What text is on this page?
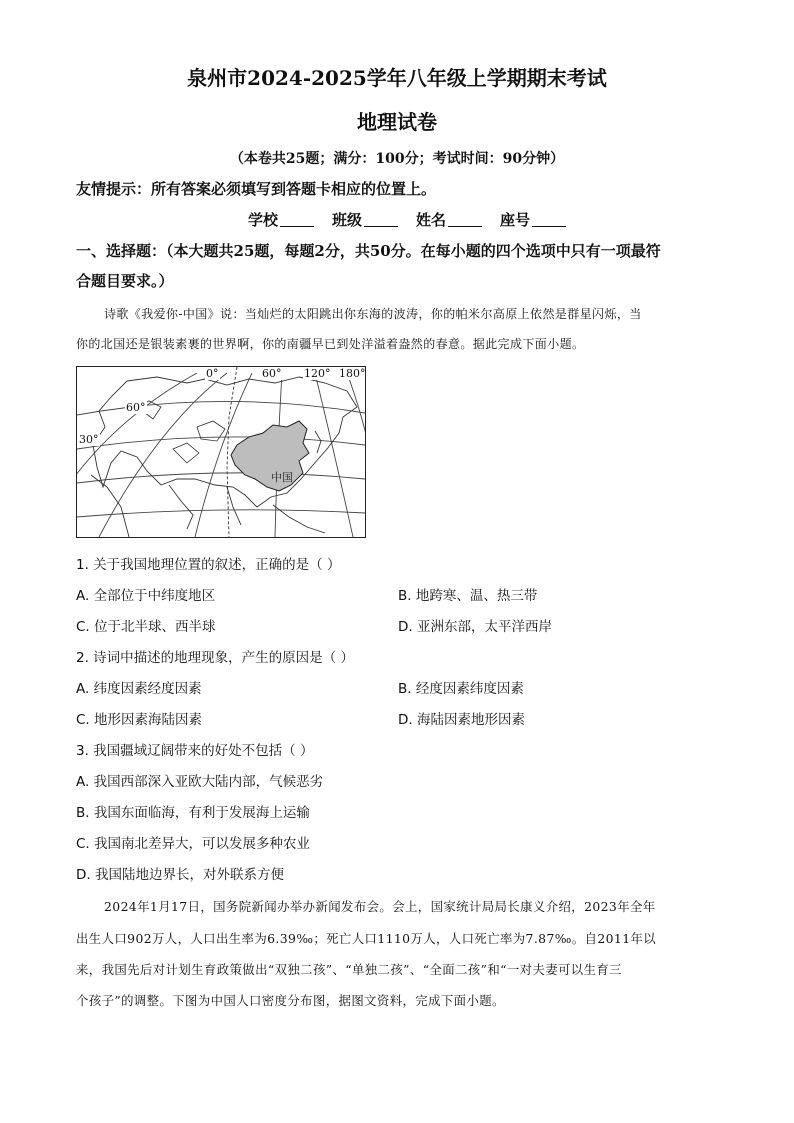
泉州市2024-2025学年八年级上学期期末考试
地理试卷
（本卷共25题；满分：100分；考试时间：90分钟）
友情提示：所有答案必须填写到答题卡相应的位置上。
学校	班级	姓名	座号
一、选择题：（本大题共25题，每题2分，共50分。在每小题的四个选项中只有一项最符
合题目要求。）
诗歌《我爱你-中国》说：当灿烂的太阳跳出你东海的波涛，你的帕米尔高原上依然是群星闪烁，当
你的北国还是银装素裹的世界啊，你的南疆早已到处洋溢着盎然的春意。据此完成下面小题。
中国
0°	60° 120° 180°
60°
30°
1. 关于我国地理位置的叙述，正确的是（ ）
A. 全部位于中纬度地区	B. 地跨寒、温、热三带
C. 位于北半球、西半球	D. 亚洲东部，太平洋西岸
2. 诗词中描述的地理现象，产生的原因是（ ）
A. 纬度因素经度因素	B. 经度因素纬度因素
C. 地形因素海陆因素	D. 海陆因素地形因素
3. 我国疆域辽阔带来的好处不包括（ ）
A. 我国西部深入亚欧大陆内部，气候恶劣
B. 我国东面临海，有利于发展海上运输
C. 我国南北差异大，可以发展多种农业
D. 我国陆地边界长，对外联系方便
2024年1月17日，国务院新闻办举办新闻发布会。会上，国家统计局局长康义介绍，2023年全年
出生人口902万人，人口出生率为6.39‰；死亡人口1110万人，人口死亡率为7.87‰。自2011年以
来，我国先后对计划生育政策做出“双独二孩”、“单独二孩”、“全面二孩”和“一对夫妻可以生育三
个孩子”的调整。下图为中国人口密度分布图，据图文资料，完成下面小题。
